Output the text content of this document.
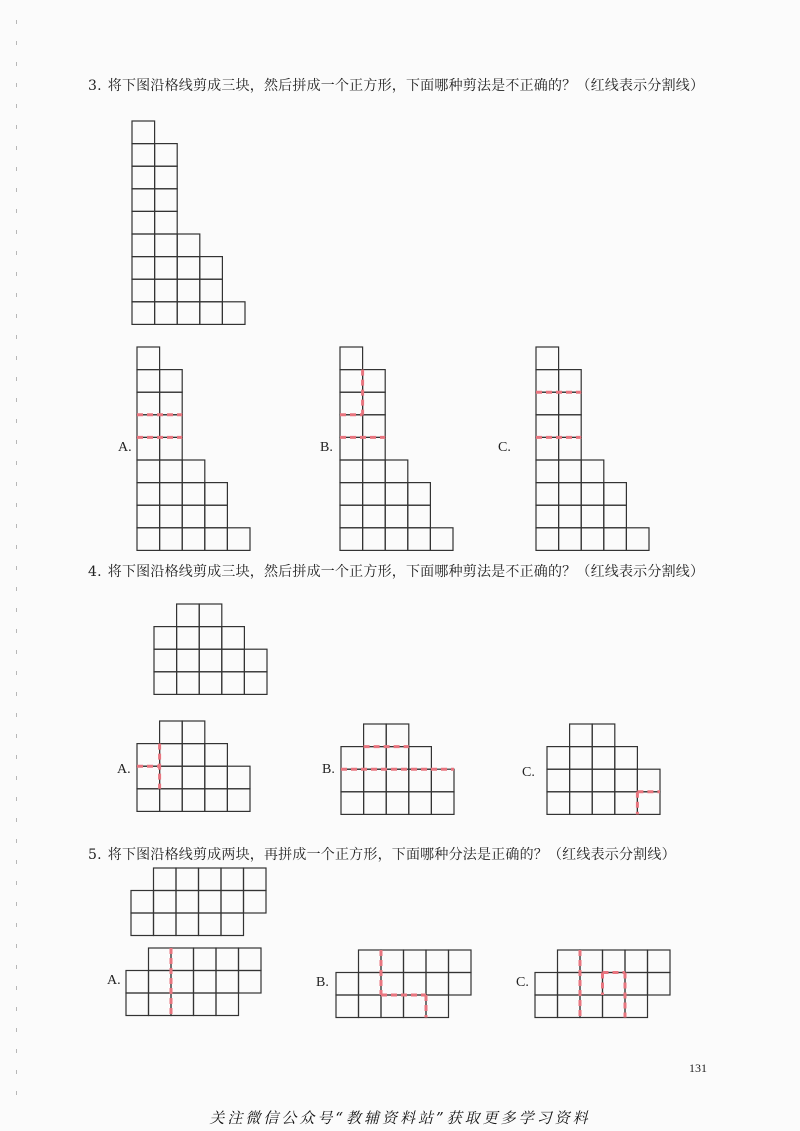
3. 将下图沿格线剪成三块，然后拼成一个正方形，下面哪种剪法是不正确的？（红线表示分割线）
A.	B.	C.
4. 将下图沿格线剪成三块，然后拼成一个正方形，下面哪种剪法是不正确的？（红线表示分割线）
A.	B.	C.
5. 将下图沿格线剪成两块，再拼成一个正方形，下面哪种分法是正确的？（红线表示分割线）
A.	B.	C.
131
关注微信公众号“教辅资料站”获取更多学习资料
